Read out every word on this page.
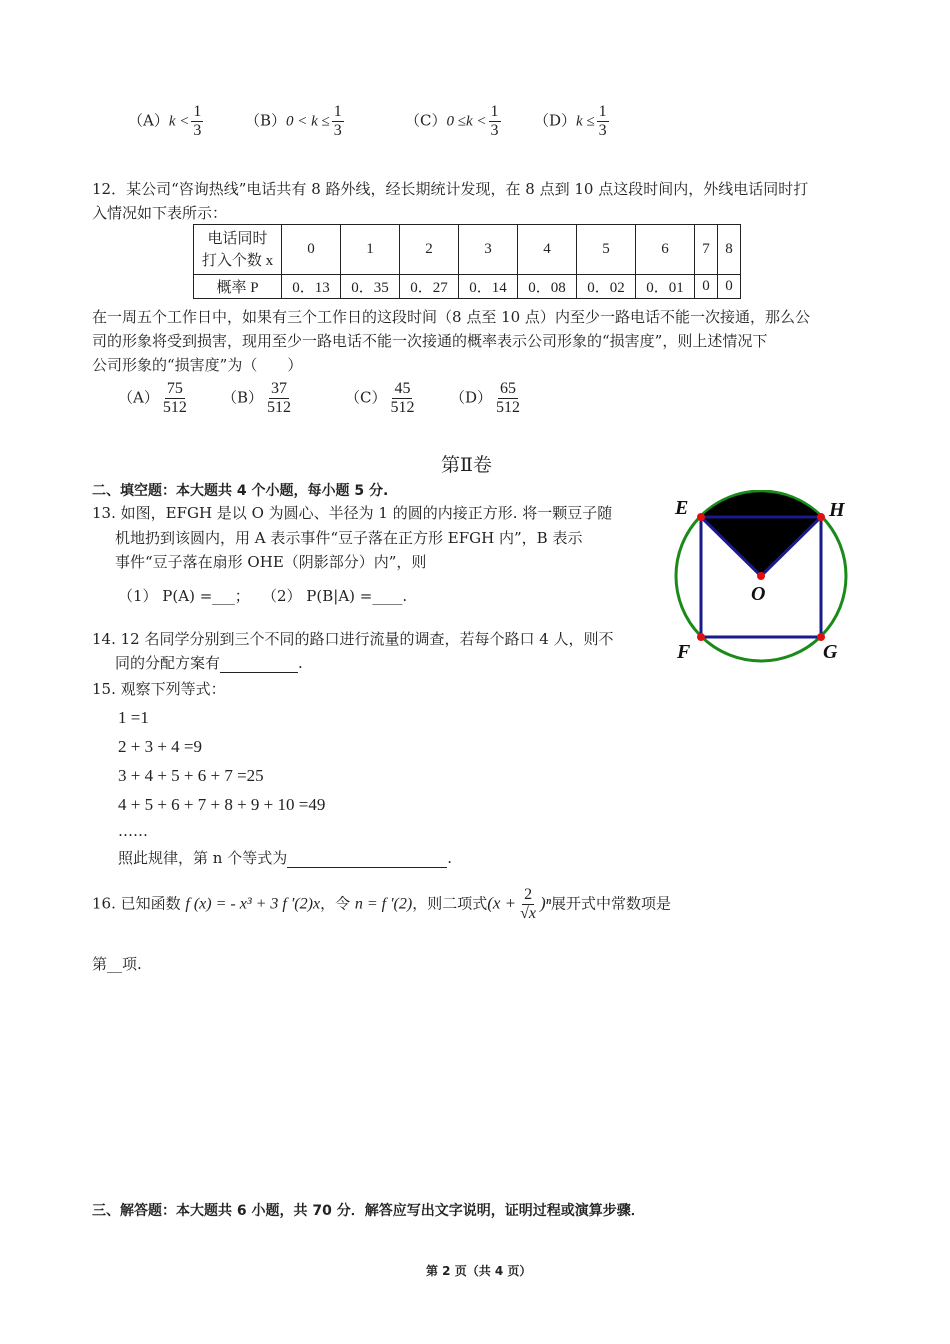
$(A)k < \frac{1}{3}$	$(B)0 < k \le \frac{1}{3}$	$(C)0 \le k < \frac{1}{3} (D)k \le \frac{1}{3}$
12．某公司“咨询热线”电话共有 8 路外线，经长期统计发现，在 8 点到 10 点这段时间内，外线电话同时打
入情况如下表所示：
电话同时
打入个数 x	0	1	2	3	4	5	6	7	8
概率 P	0．13	0．35	0．27	0．14	0．08	0．02	0．01	0	0
在一周五个工作日中，如果有三个工作日的这段时间（8 点至 10 点）内至少一路电话不能一次接通，那么公
司的形象将受到损害，现用至少一路电话不能一次接通的概率表示公司形象的“损害度”，则上述情况下
公司形象的“损害度”为（　　）
$(A) \frac{75}{512} (B) \frac{37}{512}$	$(C) \frac{45}{512} (D) \frac{65}{512}$
第Ⅱ卷
二、填空题：本大题共 4 个小题，每小题 5 分.
13. 如图，EFGH 是以 O 为圆心、半径为 1 的圆的内接正方形. 将一颗豆子随
机地扔到该圆内，用 A 表示事件“豆子落在正方形 EFGH 内”，B 表示
事件“豆子落在扇形 OHE（阴影部分）内”，则
（1） P(A) =___； （2） P(B|A) =____.
E	H
O
F	G
14. 12 名同学分别到三个不同的路口进行流量的调查，若每个路口 4 人，则不
同的分配方案有	.
15. 观察下列等式：
1 =1
2 + 3 + 4 =9
3 + 4 + 5 + 6 + 7 =25
4 + 5 + 6 + 7 + 8 + 9 + 10 =49
……
照此规律，第 n 个等式为	.
16. 已知函数 f (x) = - x³ + 3 f '(2)x，令 n = f '(2)，则二项式$(x + \frac{2}{√x} )^n$展开式中常数项是
第__项.
三、解答题：本大题共 6 小题，共 70 分．解答应写出文字说明，证明过程或演算步骤．
第 2 页（共 4 页）
